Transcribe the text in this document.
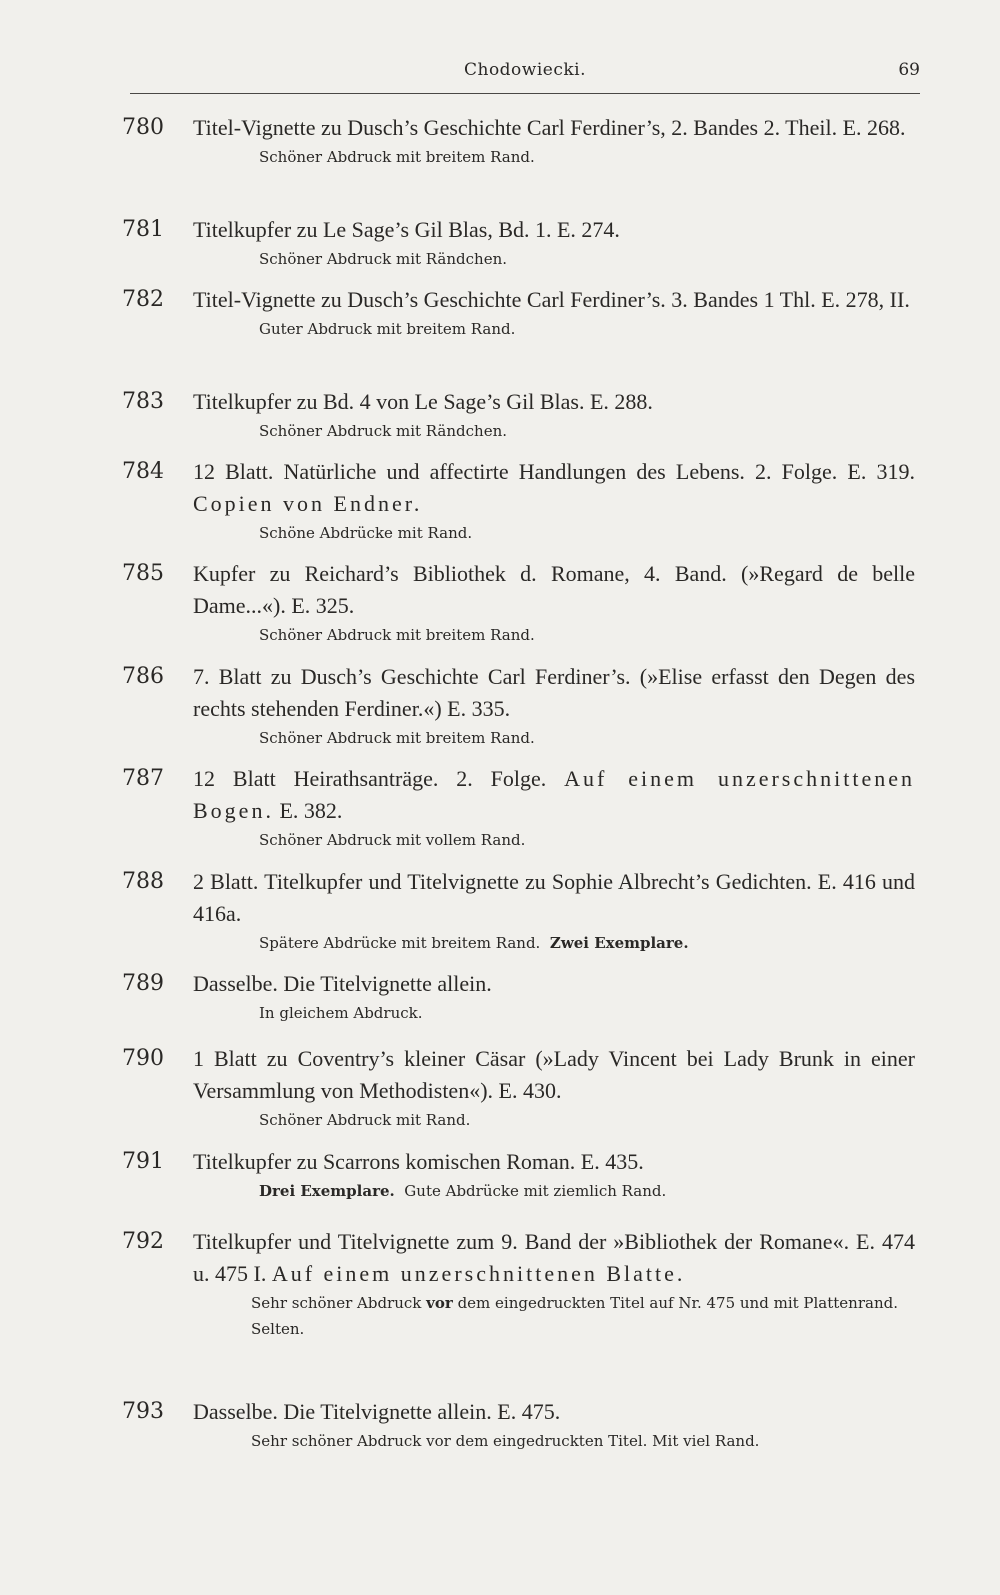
Chodowiecki.	69
780	Titel-Vignette zu Dusch’s Geschichte Carl Ferdiner’s, 2. Bandes 2. Theil. E. 268.
Schöner Abdruck mit breitem Rand.
781	Titelkupfer zu Le Sage’s Gil Blas, Bd. 1. E. 274.
Schöner Abdruck mit Rändchen.
782	Titel-Vignette zu Dusch’s Geschichte Carl Ferdiner’s. 3. Bandes 1 Thl. E. 278, II.
Guter Abdruck mit breitem Rand.
783	Titelkupfer zu Bd. 4 von Le Sage’s Gil Blas. E. 288.
Schöner Abdruck mit Rändchen.
784	12 Blatt. Natürliche und affectirte Handlungen des Lebens. 2. Folge. E. 319. Copien von Endner.
Schöne Abdrücke mit Rand.
785	Kupfer zu Reichard’s Bibliothek d. Romane, 4. Band. (»Regard de belle Dame...«). E. 325.
Schöner Abdruck mit breitem Rand.
786	7. Blatt zu Dusch’s Geschichte Carl Ferdiner’s. (»Elise erfasst den Degen des rechts stehenden Ferdiner.«) E. 335.
Schöner Abdruck mit breitem Rand.
787	12 Blatt Heirathsanträge. 2. Folge. Auf einem unzerschnittenen Bogen. E. 382.
Schöner Abdruck mit vollem Rand.
788	2 Blatt. Titelkupfer und Titelvignette zu Sophie Albrecht’s Gedichten. E. 416 und 416a.
Spätere Abdrücke mit breitem Rand. Zwei Exemplare.
789	Dasselbe. Die Titelvignette allein.
In gleichem Abdruck.
790	1 Blatt zu Coventry’s kleiner Cäsar (»Lady Vincent bei Lady Brunk in einer Versammlung von Methodisten«). E. 430.
Schöner Abdruck mit Rand.
791	Titelkupfer zu Scarrons komischen Roman. E. 435.
Drei Exemplare. Gute Abdrücke mit ziemlich Rand.
792	Titelkupfer und Titelvignette zum 9. Band der »Bibliothek der Romane«. E. 474 u. 475 I. Auf einem unzerschnittenen Blatte.
Sehr schöner Abdruck vor dem eingedruckten Titel auf Nr. 475 und mit Plattenrand. Selten.
793	Dasselbe. Die Titelvignette allein. E. 475.
Sehr schöner Abdruck vor dem eingedruckten Titel. Mit viel Rand.
